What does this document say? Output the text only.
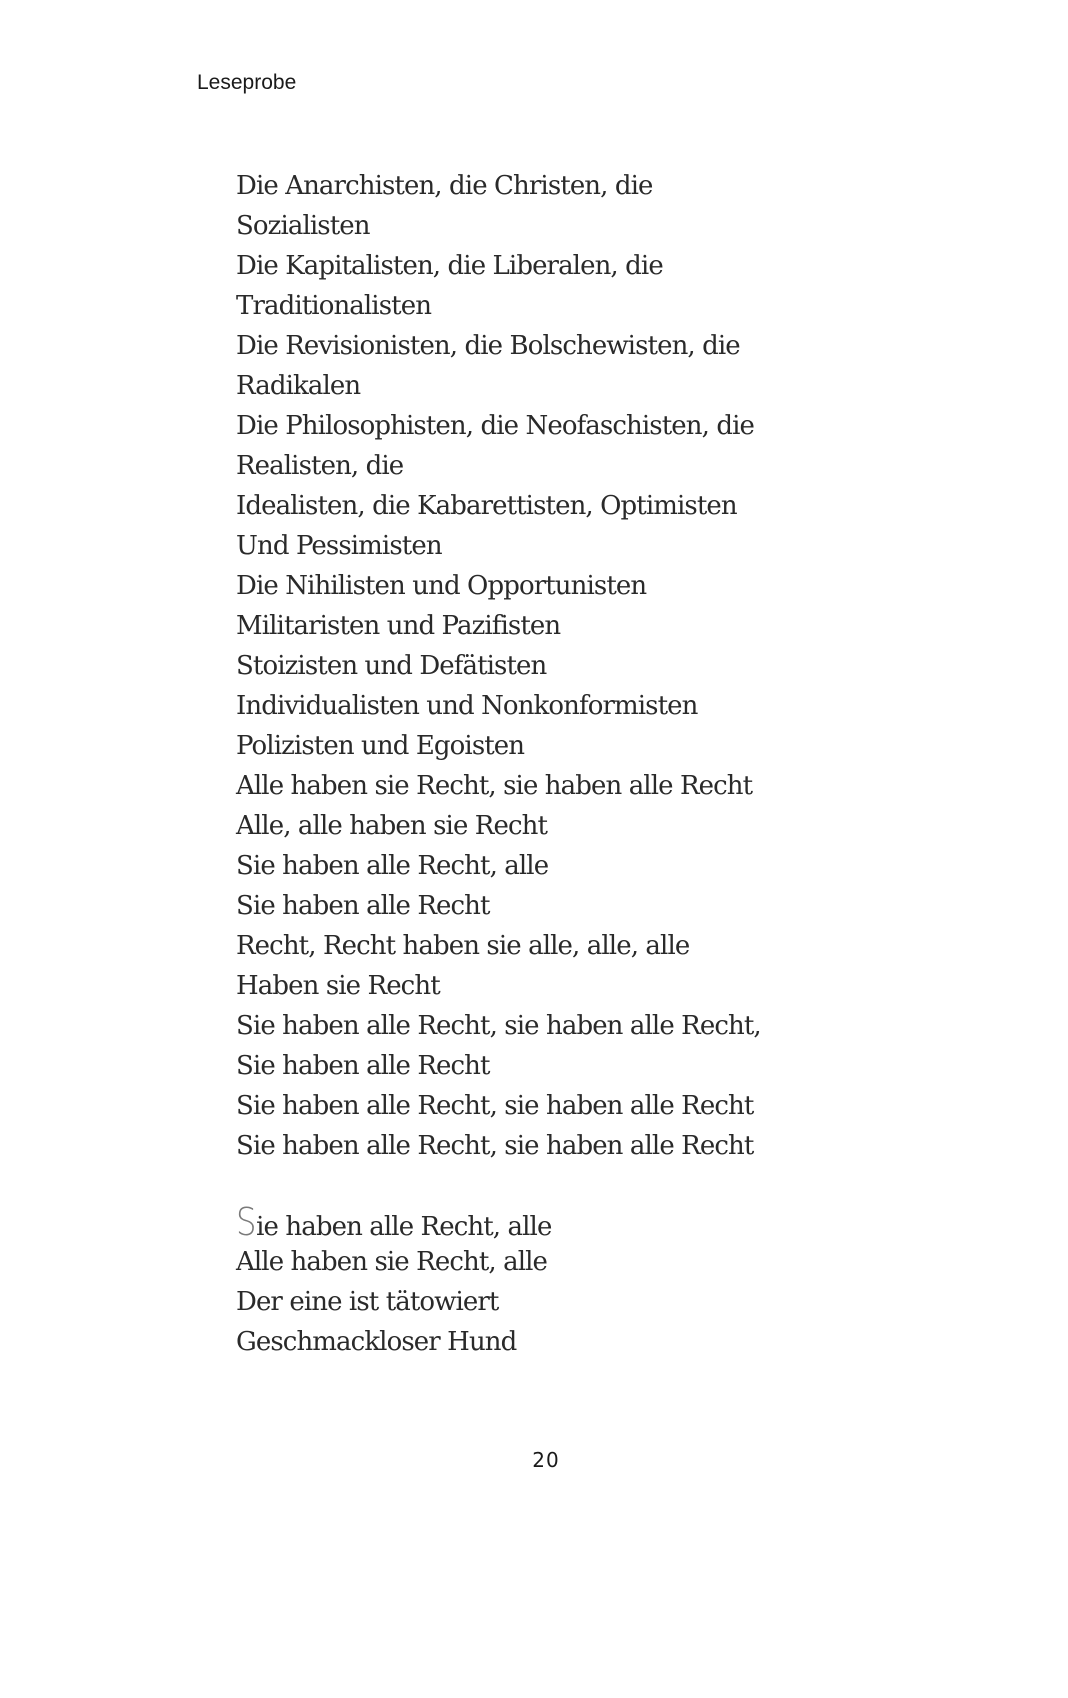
Leseprobe
Die Anarchisten, die Christen, die
Sozialisten
Die Kapitalisten, die Liberalen, die
Traditionalisten
Die Revisionisten, die Bolschewisten, die
Radikalen
Die Philosophisten, die Neofaschisten, die
Realisten, die
Idealisten, die Kabarettisten, Optimisten
Und Pessimisten
Die Nihilisten und Opportunisten
Militaristen und Pazifisten
Stoizisten und Defätisten
Individualisten und Nonkonformisten
Polizisten und Egoisten
Alle haben sie Recht, sie haben alle Recht
Alle, alle haben sie Recht
Sie haben alle Recht, alle
Sie haben alle Recht
Recht, Recht haben sie alle, alle, alle
Haben sie Recht
Sie haben alle Recht, sie haben alle Recht,
Sie haben alle Recht
Sie haben alle Recht, sie haben alle Recht
Sie haben alle Recht, sie haben alle Recht
Sie haben alle Recht, alle
Alle haben sie Recht, alle
Der eine ist tätowiert
Geschmackloser Hund
20
